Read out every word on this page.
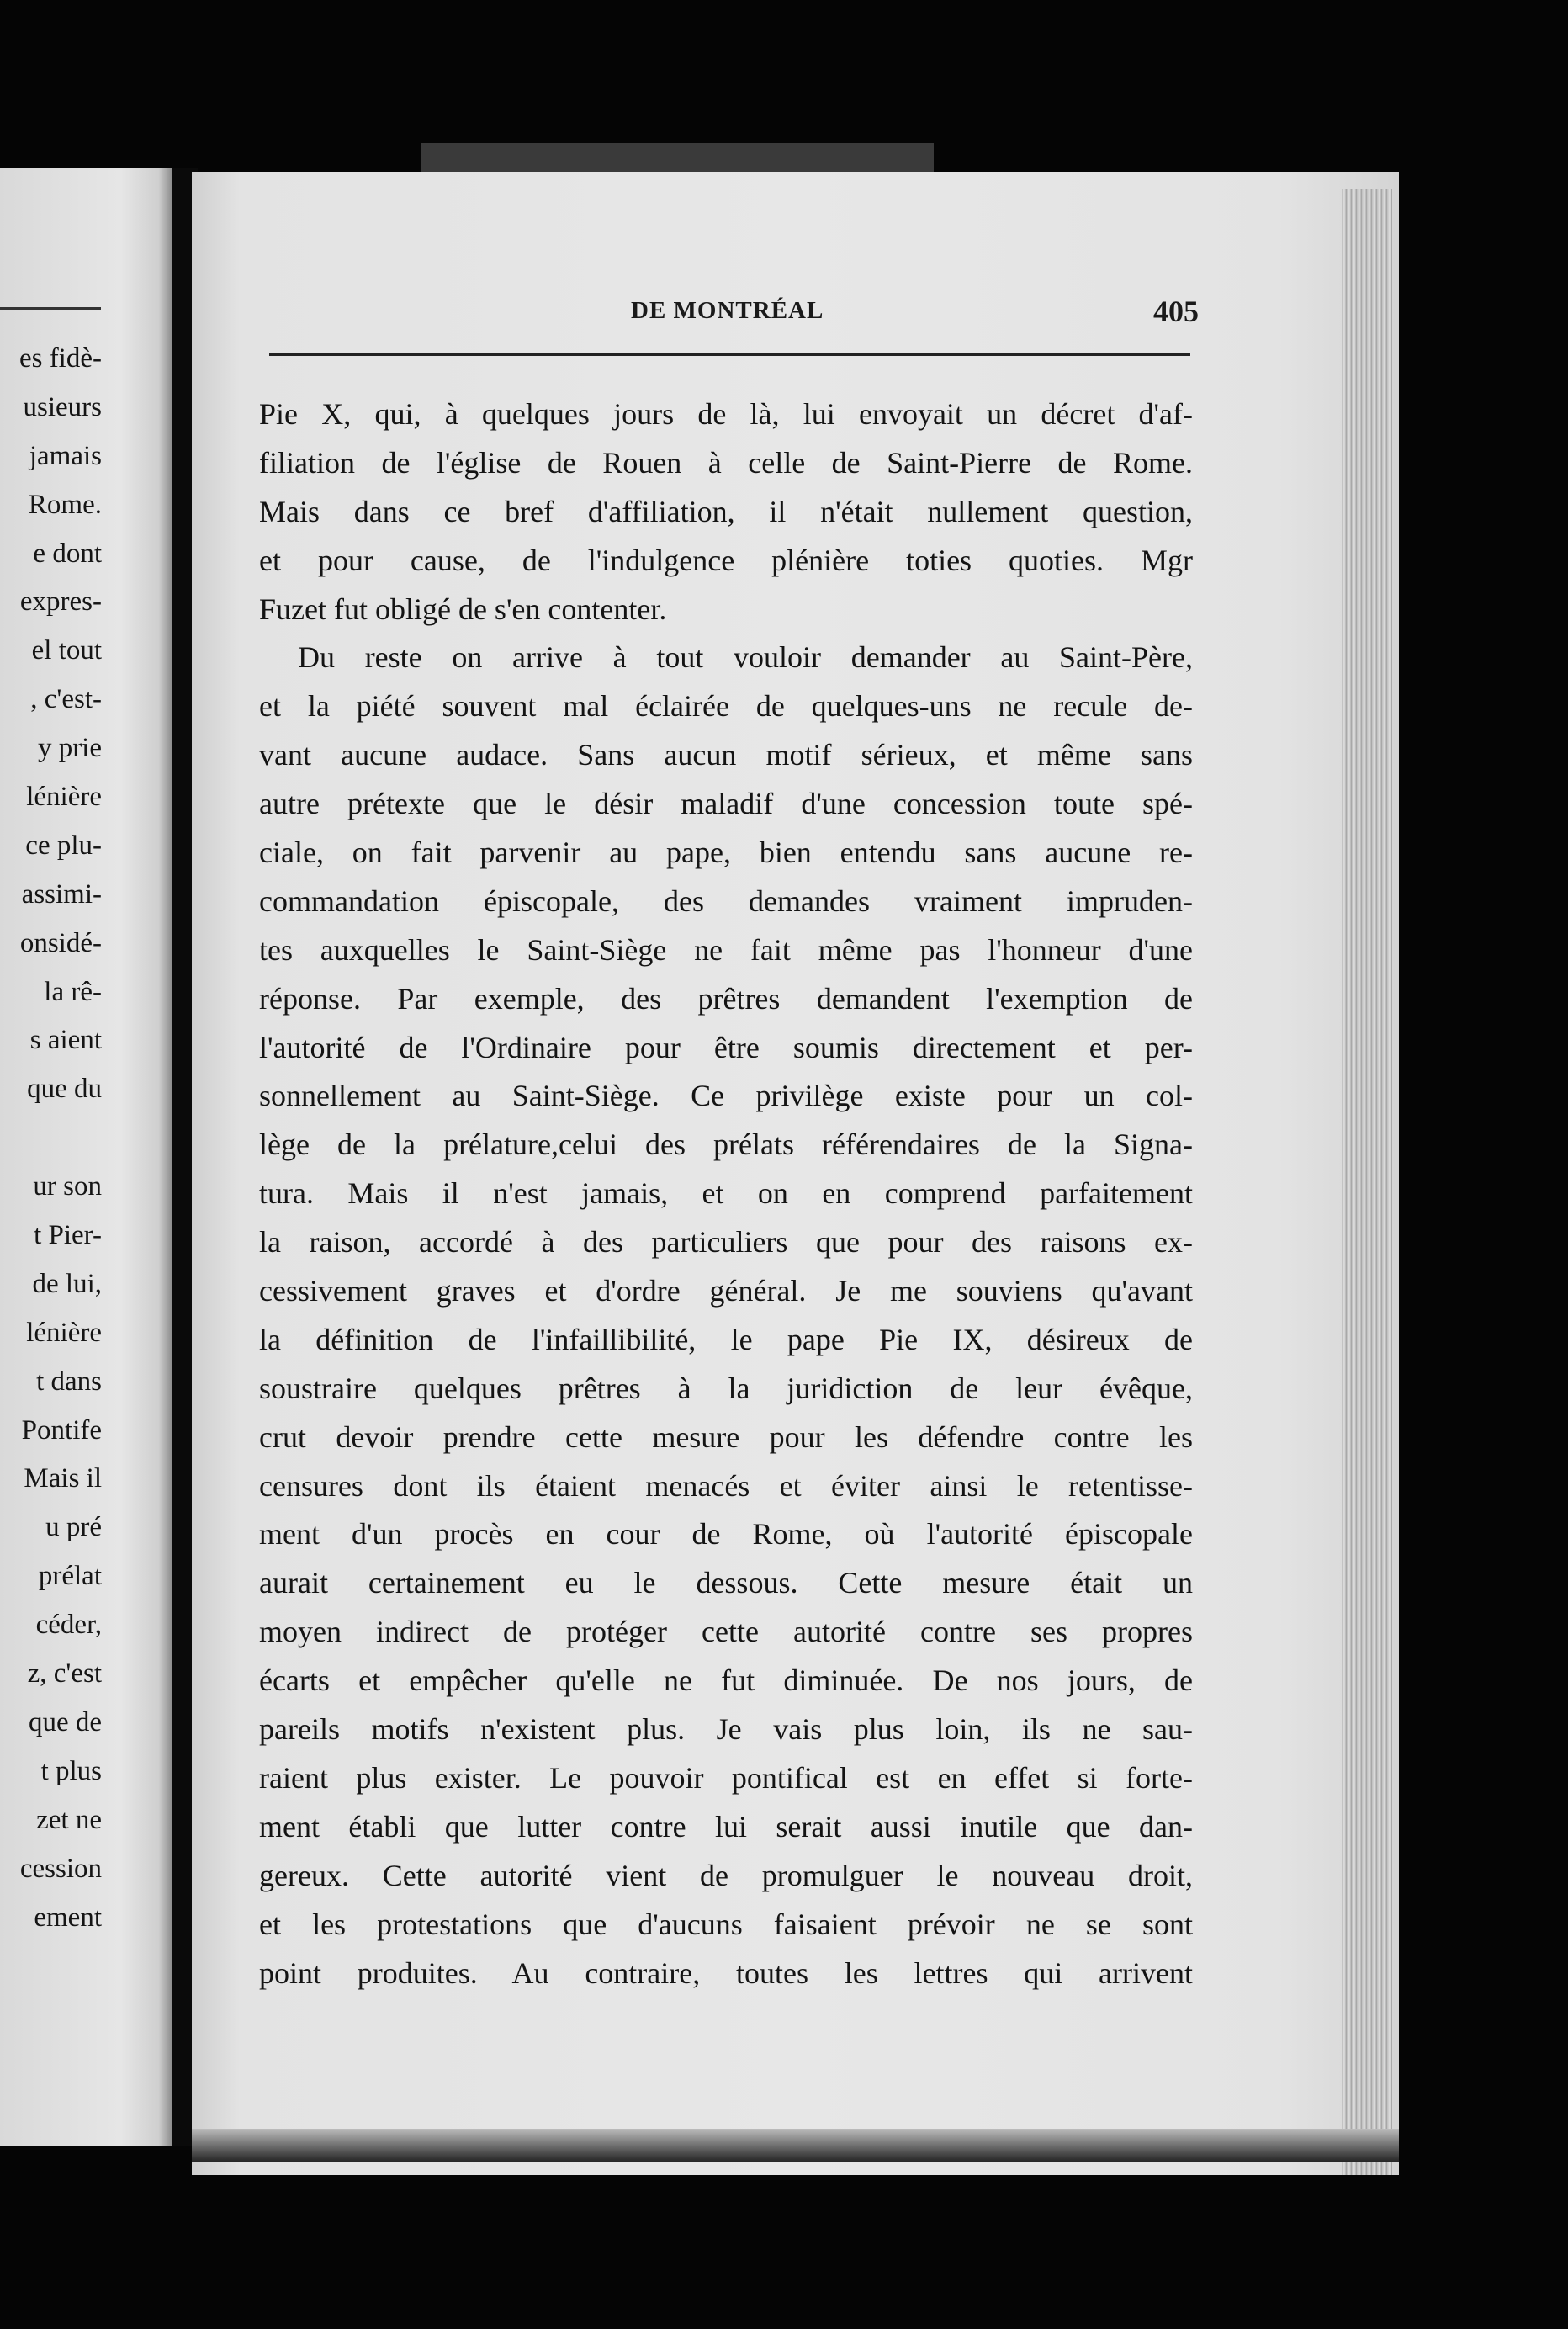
es fidè-
usieurs
jamais
Rome.
e dont
expres-
el tout
, c'est-
y prie
lénière
ce plu-
assimi-
onsidé-
la rê-
s aient
que du
ur son
t Pier-
de lui,
lénière
t dans
Pontife
Mais il
u pré
prélat
céder,
z, c'est
que de
t plus
zet ne
cession
ement
DE MONTRÉAL	405
Pie X, qui, à quelques jours de là, lui envoyait un décret d'af-
filiation de l'église de Rouen à celle de Saint-Pierre de Rome.
Mais dans ce bref d'affiliation, il n'était nullement question,
et pour cause, de l'indulgence plénière toties quoties. Mgr
Fuzet fut obligé de s'en contenter.
Du reste on arrive à tout vouloir demander au Saint-Père,
et la piété souvent mal éclairée de quelques-uns ne recule de-
vant aucune audace. Sans aucun motif sérieux, et même sans
autre prétexte que le désir maladif d'une concession toute spé-
ciale, on fait parvenir au pape, bien entendu sans aucune re-
commandation épiscopale, des demandes vraiment impruden-
tes auxquelles le Saint-Siège ne fait même pas l'honneur d'une
réponse. Par exemple, des prêtres demandent l'exemption de
l'autorité de l'Ordinaire pour être soumis directement et per-
sonnellement au Saint-Siège. Ce privilège existe pour un col-
lège de la prélature,celui des prélats référendaires de la Signa-
tura. Mais il n'est jamais, et on en comprend parfaitement
la raison, accordé à des particuliers que pour des raisons ex-
cessivement graves et d'ordre général. Je me souviens qu'avant
la définition de l'infaillibilité, le pape Pie IX, désireux de
soustraire quelques prêtres à la juridiction de leur évêque,
crut devoir prendre cette mesure pour les défendre contre les
censures dont ils étaient menacés et éviter ainsi le retentisse-
ment d'un procès en cour de Rome, où l'autorité épiscopale
aurait certainement eu le dessous. Cette mesure était un
moyen indirect de protéger cette autorité contre ses propres
écarts et empêcher qu'elle ne fut diminuée. De nos jours, de
pareils motifs n'existent plus. Je vais plus loin, ils ne sau-
raient plus exister. Le pouvoir pontifical est en effet si forte-
ment établi que lutter contre lui serait aussi inutile que dan-
gereux. Cette autorité vient de promulguer le nouveau droit,
et les protestations que d'aucuns faisaient prévoir ne se sont
point produites. Au contraire, toutes les lettres qui arrivent
